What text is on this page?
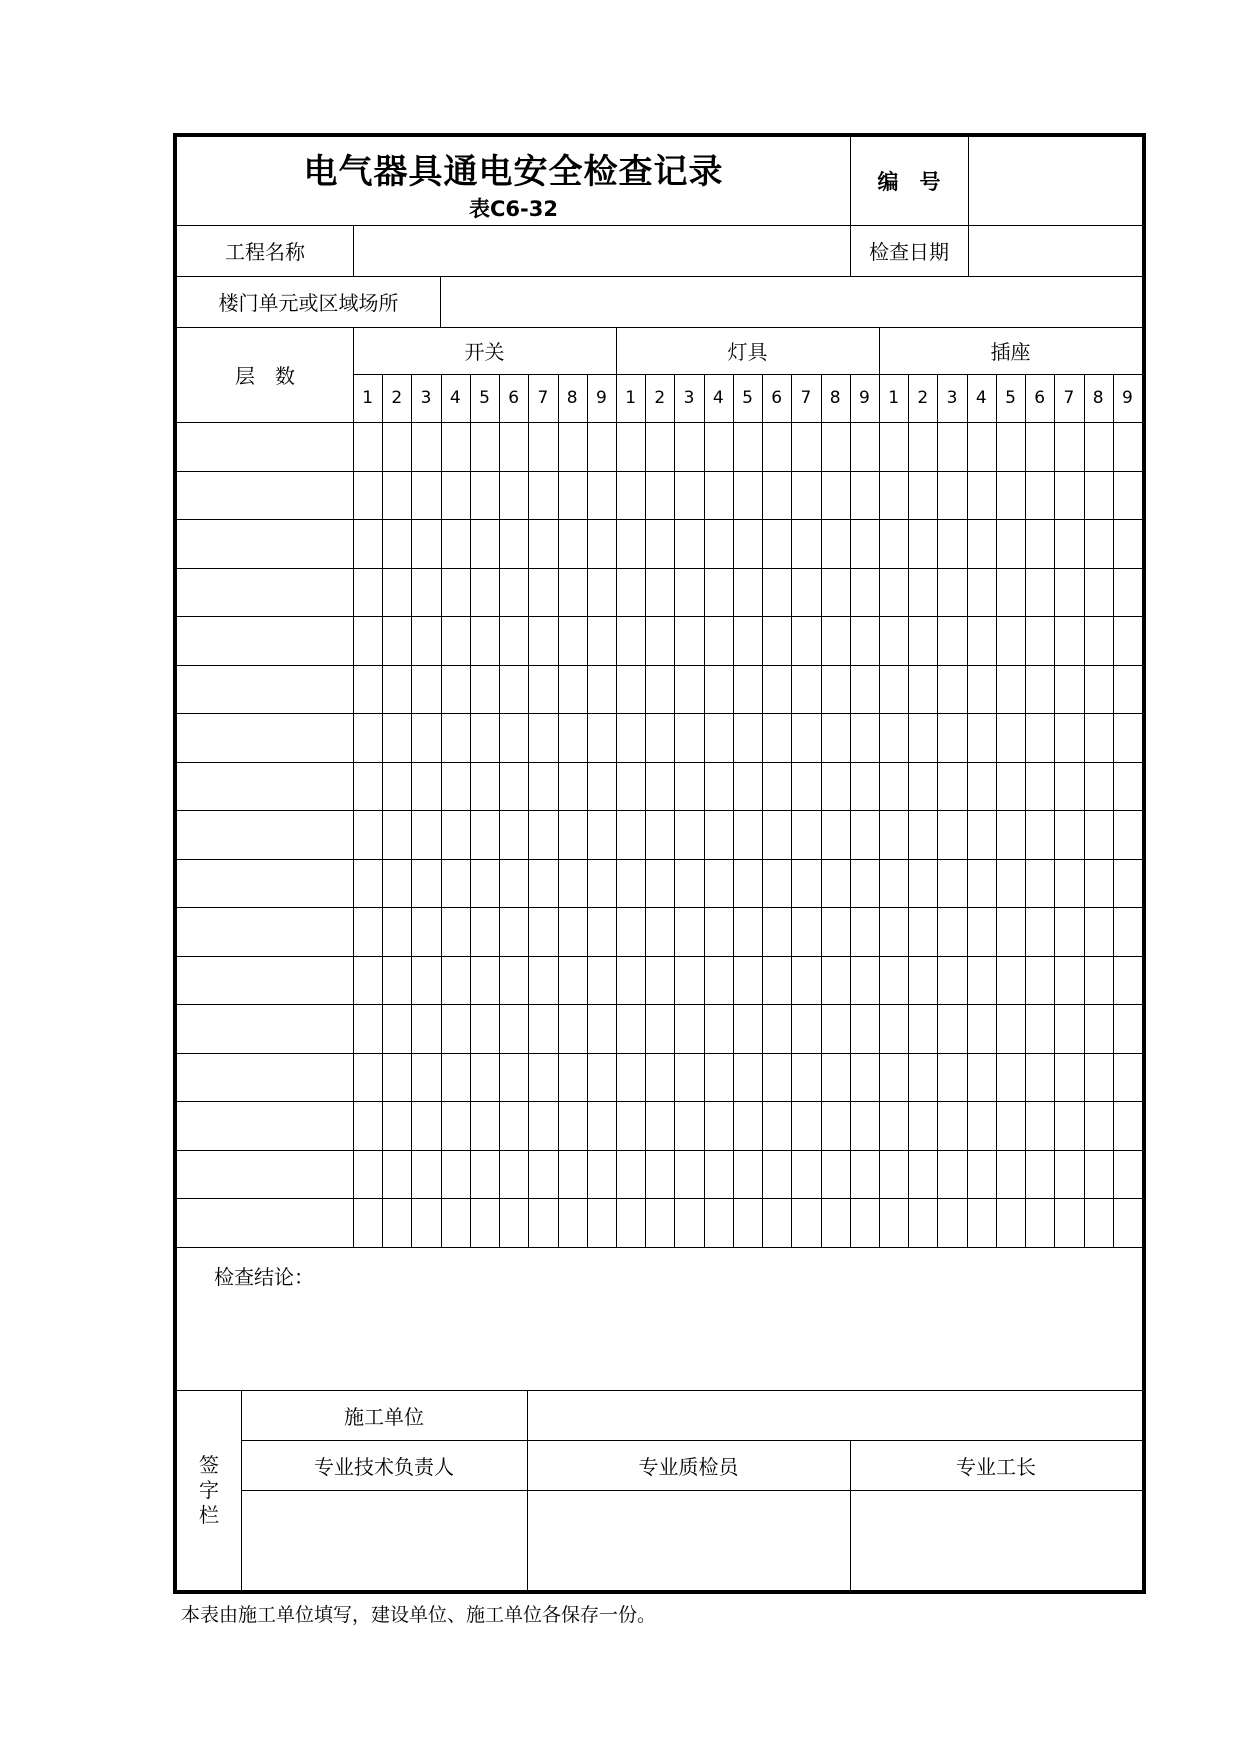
电气器具通电安全检查记录
表C6-32
编　号
工程名称	检查日期
楼门单元或区域场所
层　数
开关
1	2	3	4	5	6	7	8	9
灯具
1	2	3	4	5	6	7	8	9
插座
1	2	3	4	5	6	7	8	9
检查结论：
签
字
栏
施工单位
专业技术负责人	专业质检员	专业工长
本表由施工单位填写，建设单位、施工单位各保存一份。
